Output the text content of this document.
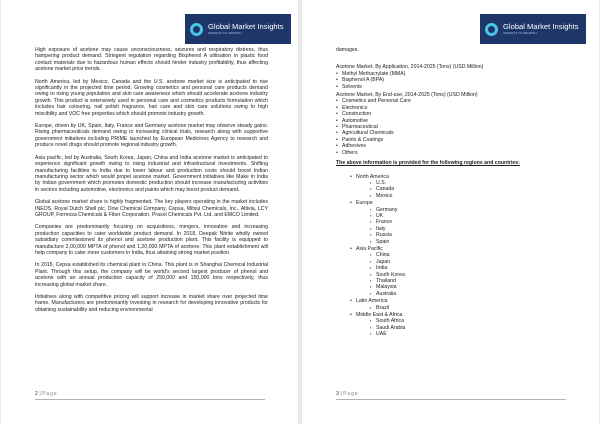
Global Market Insights
INSIGHTS TO GROWTH

High exposure of acetone may cause unconsciousness, seizures and respiratory distress, thus hampering product demand. Stringent regulation regarding Bisphenol A utilisation in plastic food contact materials due to hazardous human effects should hinder industry profitability, thus affecting acetone market price trends.

North America, led by Mexico, Canada and the U.S. acetone market size is anticipated to rise significantly in the projected time period. Growing cosmetics and personal care products demand owing to rising young population and skin care awareness which should accelerate acetone industry growth. This product is extensively used in personal care and cosmetics products formulation which includes hair colouring, nail polish fragrance, hair care and skin care solutions owing to high miscibility and VOC free properties which should promote industry growth.

Europe, driven by UK, Spain, Italy, France and Germany acetone market may observe steady gains. Rising pharmaceuticals demand owing to increasing clinical trials, research along with supportive government initiatives including PRIME launched by European Medicines Agency to research and produce novel drugs should promote regional industry growth.

Asia pacific, led by Australia, South Korea, Japan, China and India acetone market is anticipated to experience significant growth owing to rising industrial and infrastructural investments. Shifting manufacturing facilities to India due to lower labour and production costs should boost Indian manufacturing sector which would propel acetone market. Government initiatives like Make in India by Indian government which promotes domestic production should increase manufacturing activities in sectors including automotive, electronics and paints which may boost product demand.

Global acetone market share is highly fragmented. The key players operating in the market includes INEOS, Royal Dutch Shell plc, Dow Chemical Company, Cepsa, Mitsui Chemicals, Inc., Altivia, LCY GROUP, Formosa Chemicals & Fiber Corporation, Prasol Chemicals Pvt. Ltd. and EMCO Limited.

Companies are predominantly focusing on acquisitions, mergers, innovation and increasing production capacities to cater worldwide product demand. In 2018, Deepak Nitrite wholly owned subsidiary commissioned its phenol and acetone production plant. This facility is equipped to manufacture 2,00,000 MPTA of phenol and 1,20,000 MPTA of acetone. This plant establishment will help company to cater more customers in India, thus attaining strong market position.

In 2015, Cepsa established its chemical plant in China. This plant is in Shanghai Chemical Industrial Plant. Through this setup, the company will be world's second largest producer of phenol and acetone with an annual production capacity of 250,000 and 150,000 tons respectively, thus increasing global market share.

Initiatives along with competitive pricing will support increase in market share over projected time frame. Manufacturers are predominantly investing in research for developing innovative products for obtaining sustainability and reducing environmental

2 | Page
Global Market Insights
INSIGHTS TO GROWTH

damages.

Acetone Market, By Application, 2014-2025 (Tons) (USD Million)
• Methyl Methacrylate (MMA)
• Bisphenol A (BPA)
• Solvents
Acetone Market, By End-use, 2014-2025 (Tons) (USD Million)
• Cosmetics and Personal Care
• Electronics
• Construction
• Automotive
• Pharmaceutical
• Agricultural Chemicals
• Paints & Coatings
• Adhesives
• Others
The above information is provided for the following regions and countries:
• North America
▪ U.S.
▪ Canada
▪ Mexico
• Europe
▪ Germany
▪ UK
▪ France
▪ Italy
▪ Russia
▪ Spain
• Asia Pacific
▪ China
▪ Japan
▪ India
▪ South Korea
▪ Thailand
▪ Malaysia
▪ Australia
• Latin America
▪ Brazil
• Middle East & Africa
▪ South Africa
▪ Saudi Arabia
▪ UAE
3 | Page
